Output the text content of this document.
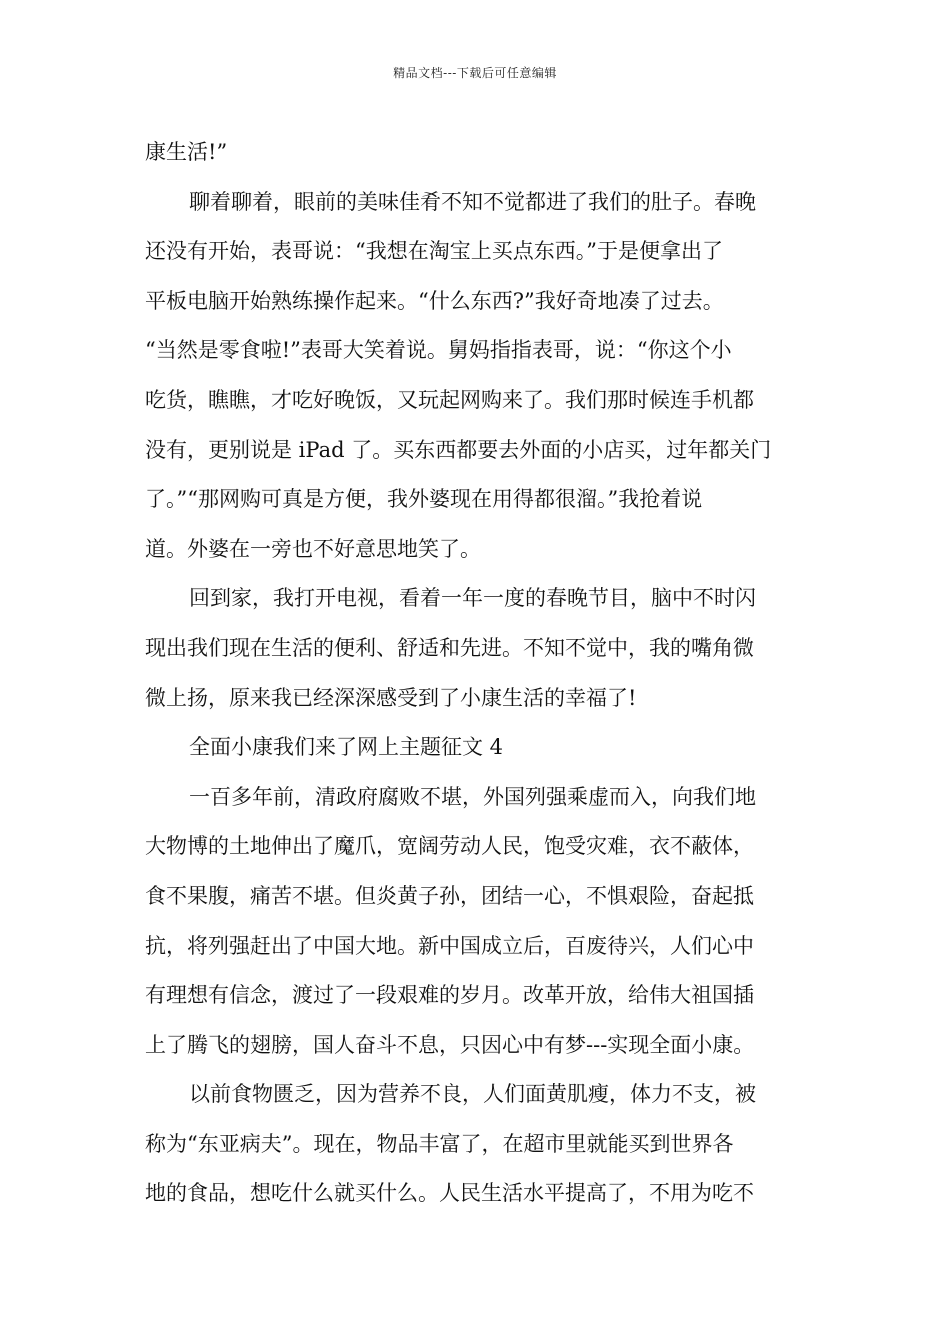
精品文档---下载后可任意编辑
康生活!”
聊着聊着，眼前的美味佳肴不知不觉都进了我们的肚子。春晚
还没有开始，表哥说：“我想在淘宝上买点东西。”于是便拿出了
平板电脑开始熟练操作起来。“什么东西?”我好奇地凑了过去。
“当然是零食啦!”表哥大笑着说。舅妈指指表哥，说：“你这个小
吃货，瞧瞧，才吃好晚饭，又玩起网购来了。我们那时候连手机都
没有，更别说是 iPad 了。买东西都要去外面的小店买，过年都关门
了。”“那网购可真是方便，我外婆现在用得都很溜。”我抢着说
道。外婆在一旁也不好意思地笑了。
回到家，我打开电视，看着一年一度的春晚节目，脑中不时闪
现出我们现在生活的便利、舒适和先进。不知不觉中，我的嘴角微
微上扬，原来我已经深深感受到了小康生活的幸福了!
全面小康我们来了网上主题征文 4
一百多年前，清政府腐败不堪，外国列强乘虚而入，向我们地
大物博的土地伸出了魔爪，宽阔劳动人民，饱受灾难，衣不蔽体，
食不果腹，痛苦不堪。但炎黄子孙，团结一心，不惧艰险，奋起抵
抗，将列强赶出了中国大地。新中国成立后，百废待兴，人们心中
有理想有信念，渡过了一段艰难的岁月。改革开放，给伟大祖国插
上了腾飞的翅膀，国人奋斗不息，只因心中有梦---实现全面小康。
以前食物匮乏，因为营养不良，人们面黄肌瘦，体力不支，被
称为“东亚病夫”。现在，物品丰富了，在超市里就能买到世界各
地的食品，想吃什么就买什么。人民生活水平提高了，不用为吃不
